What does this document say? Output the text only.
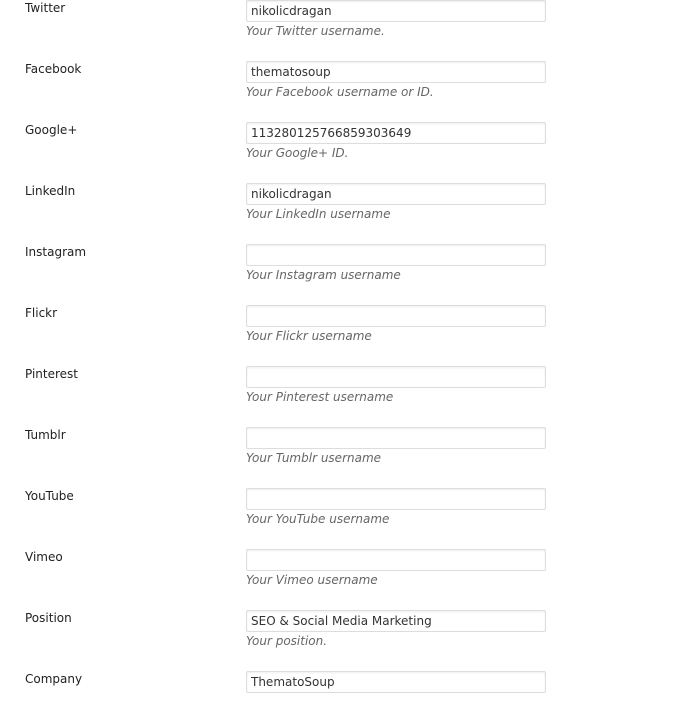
Twitter
nikolicdragan
Your Twitter username.
Facebook
thematosoup
Your Facebook username or ID.
Google+
113280125766859303649
Your Google+ ID.
LinkedIn
nikolicdragan
Your LinkedIn username
Instagram
Your Instagram username
Flickr
Your Flickr username
Pinterest
Your Pinterest username
Tumblr
Your Tumblr username
YouTube
Your YouTube username
Vimeo
Your Vimeo username
Position
SEO & Social Media Marketing
Your position.
Company
ThematoSoup
